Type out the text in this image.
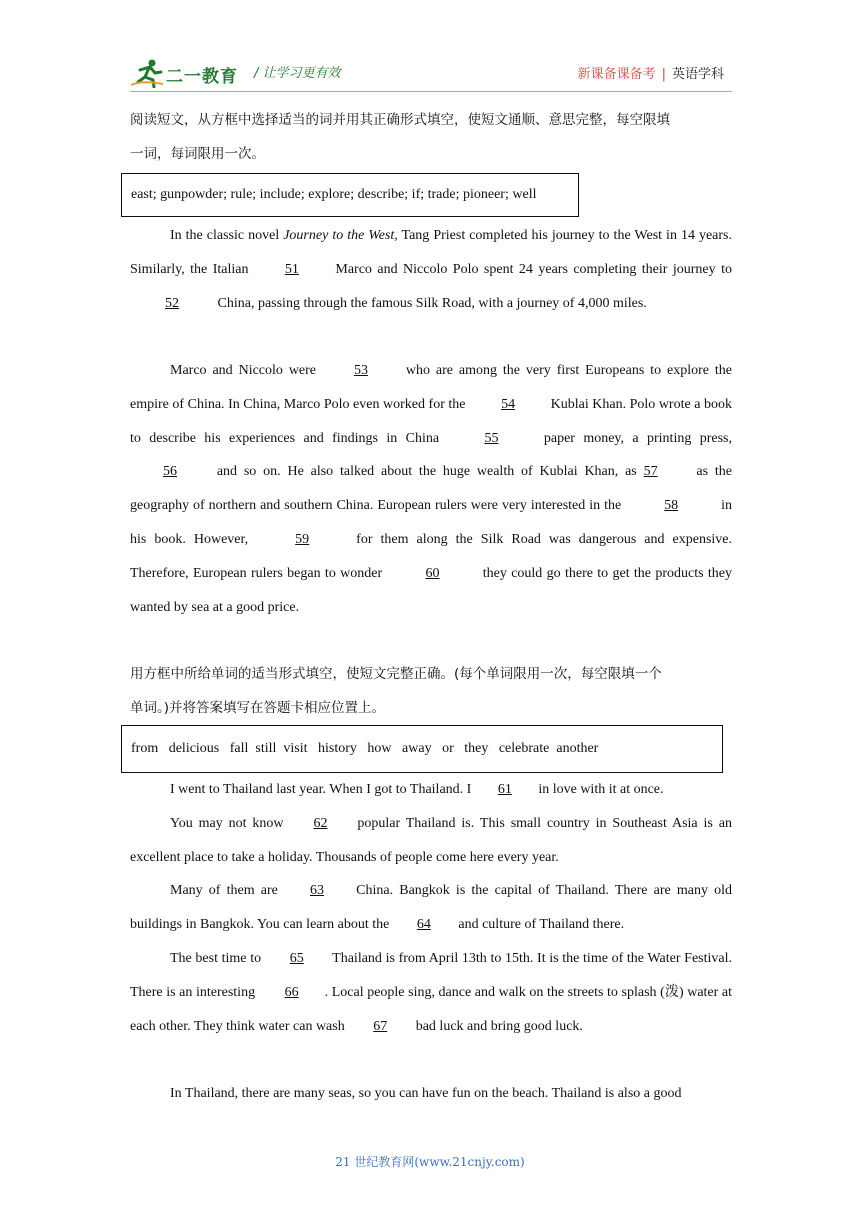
二一教育 / 让学习更有效	新课备课备考 | 英语学科
阅读短文，从方框中选择适当的词并用其正确形式填空，使短文通顺、意思完整，每空限填
一词，每词限用一次。
east; gunpowder; rule; include; explore; describe; if; trade; pioneer; well
In the classic novel Journey to the West, Tang Priest completed his journey to the West in 14 years. Similarly, the Italian 51 Marco and Niccolo Polo spent 24 years completing their journey to 52	China, passing through the famous Silk Road, with a journey of 4,000 miles.
Marco and Niccolo were 53 who are among the very first Europeans to explore the empire of China. In China, Marco Polo even worked for the 54 Kublai Khan. Polo wrote a book to describe his experiences and findings in China	55	paper money, a printing press, 56 and so on. He also talked about the huge wealth of Kublai Khan, as 57 as the geography of northern and southern China. European rulers were very interested in the	58	in his book. However,	59	for them along the Silk Road was dangerous and expensive. Therefore, European rulers began to wonder	60	they could go there to get the products they wanted by sea at a good price.
用方框中所给单词的适当形式填空，使短文完整正确。(每个单词限用一次，每空限填一个
单词。)并将答案填写在答题卡相应位置上。
from   delicious   fall  still  visit   history   how   away   or   they   celebrate  another
I went to Thailand last year. When I got to Thailand. I 61 in love with it at once.
You may not know 62 popular Thailand is. This small country in Southeast Asia is an excellent place to take a holiday. Thousands of people come here every year.
Many of them are 63 China. Bangkok is the capital of Thailand. There are many old buildings in Bangkok. You can learn about the 64 and culture of Thailand there.
The best time to 65 Thailand is from April 13th to 15th. It is the time of the Water Festival. There is an interesting 66 . Local people sing, dance and walk on the streets to splash (泼) water at each other. They think water can wash 67 bad luck and bring good luck.
In Thailand, there are many seas, so you can have fun on the beach. Thailand is also a good
21 世纪教育网(www.21cnjy.com)
